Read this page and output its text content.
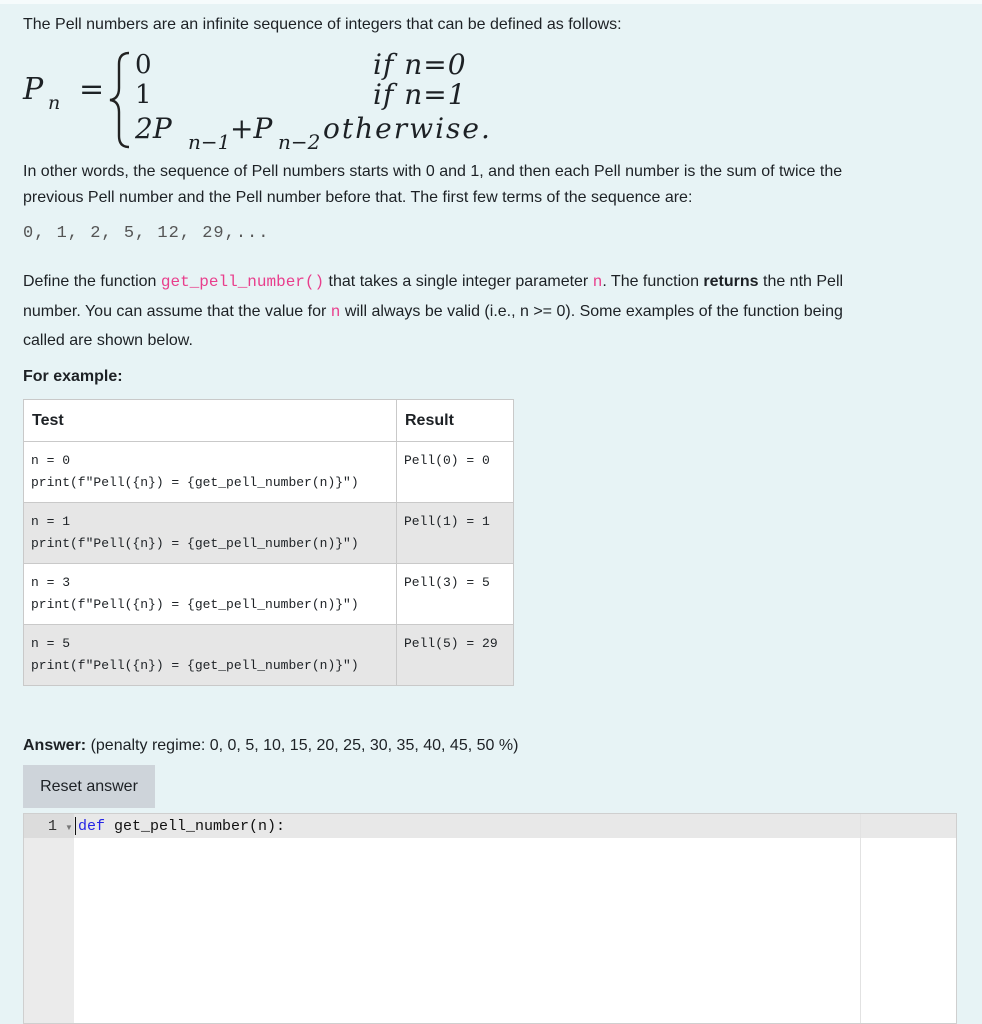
The Pell numbers are an infinite sequence of integers that can be defined as follows:
P n =
0	if n=0
1	if n=1
2P n−1 +P n−2 otherwise.
In other words, the sequence of Pell numbers starts with 0 and 1, and then each Pell number is the sum of twice the
previous Pell number and the Pell number before that. The first few terms of the sequence are:
0, 1, 2, 5, 12, 29,...
Define the function get_pell_number() that takes a single integer parameter n. The function returns the nth Pell
number. You can assume that the value for n will always be valid (i.e., n >= 0). Some examples of the function being
called are shown below.
For example:
Test	Result
n = 0
print(f"Pell({n}) = {get_pell_number(n)}")	Pell(0) = 0
n = 1
print(f"Pell({n}) = {get_pell_number(n)}")	Pell(1) = 1
n = 3
print(f"Pell({n}) = {get_pell_number(n)}")	Pell(3) = 5
n = 5
print(f"Pell({n}) = {get_pell_number(n)}")	Pell(5) = 29
Answer: (penalty regime: 0, 0, 5, 10, 15, 20, 25, 30, 35, 40, 45, 50 %)
Reset answer
1 ▼ def get_pell_number(n):
